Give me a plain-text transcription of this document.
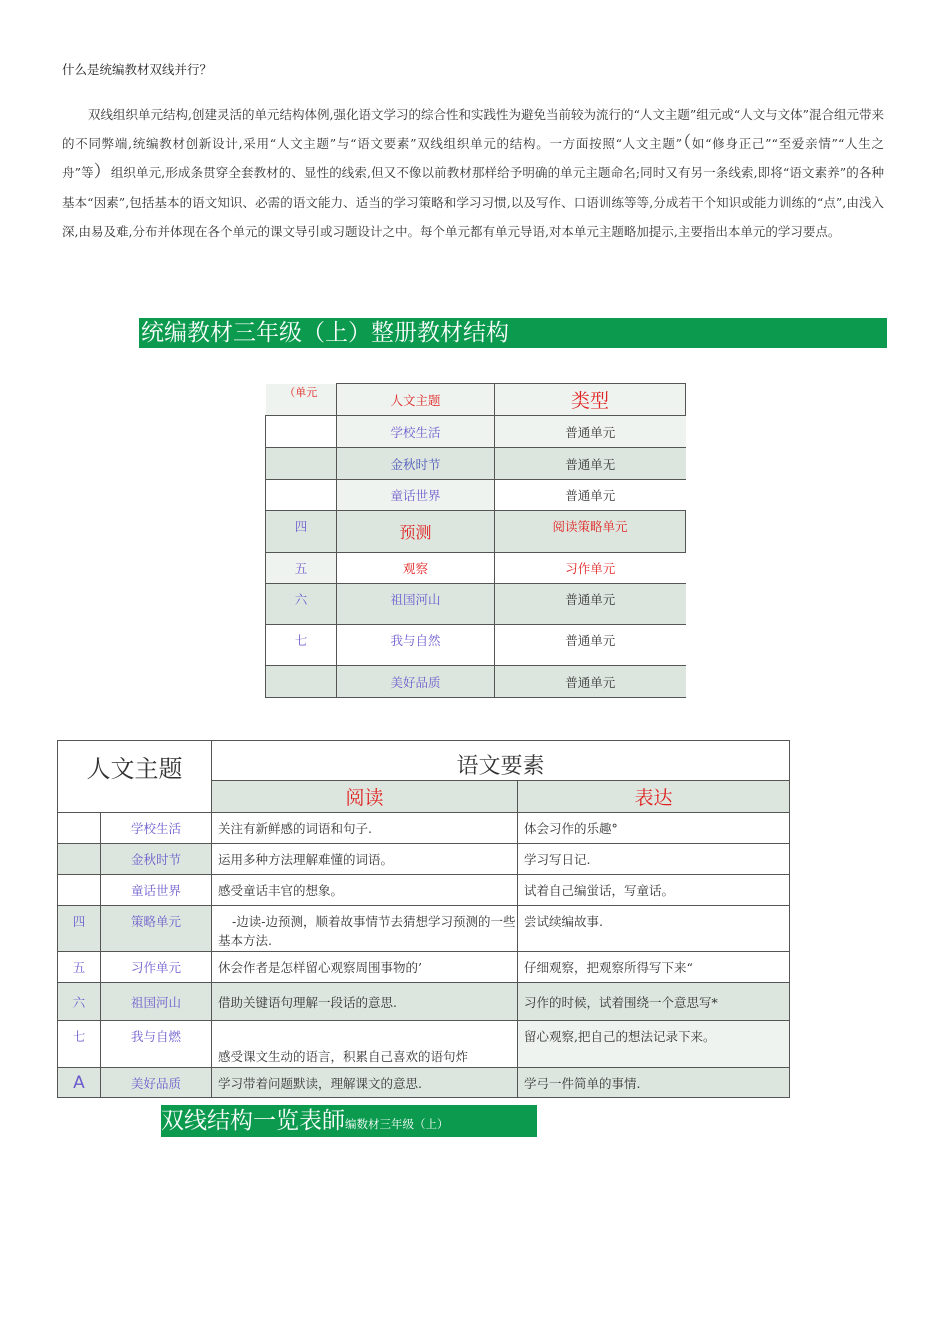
什么是统编教材双线并行？

双线组织单元结构,创建灵活的单元结构体例,强化语文学习的综合性和实践性为避免当前较为流行的“人文主题”组元或“人文与文体”混合组元带来的不同弊端,统编教材创新设计,采用“人文主题”与“语文要素”双线组织单元的结构。一方面按照“人文主题”（如“修身正己”“至爱亲情”“人生之舟”等）组织单元,形成条贯穿全套教材的、显性的线索,但又不像以前教材那样给予明确的单元主题命名;同时又有另一条线索,即将“语文素养”的各种基本“因素”,包括基本的语文知识、必需的语文能力、适当的学习策略和学习习惯,以及写作、口语训练等等,分成若干个知识或能力训练的“点”,由浅入深,由易及难,分布并体现在各个单元的课文导引或习题设计之中。每个单元都有单元导语,对本单元主题略加提示,主要指出本单元的学习要点。

统编教材三年级（上）整册教材结构
（单元	人文主题	类型
	学校生活	普通单元
	金秋时节	普通单无
	童话世界	普通单元
四	预测	阅读策略单元
五	观察	习作单元
六	祖国河山	普通单元
七	我与自然	普通单元
	美好品质	普通单元
人文主题		语文要素	
		阅读	表达
	学校生活	关注有新鲜感的词语和句子.	体会习作的乐趣°
	金秋时节	运用多种方法理解难懂的词语。	学习写日记.
	童话世界	感受童话丰官的想象。	试着自己编蛍话，写童话。
四	策略单元	-边读-边预测，顺着故事情节去猜想学习预测的一些基本方法.	尝试续编故事.
五	习作单元	休会作者是怎样留心观察周围事物的’	仔细观察，把观察所得写下来“
六	祖国河山	借助关键语句理解一段话的意思.	习作的时候，试着围绕一个意思写*
七	我与自燃	感受课文生动的语言，积累自己喜欢的语句炸	留心观察,把自己的想法记录下来。
A	美好品质	学习带着问题默读，理解课文的意思.	学弓一件简单的事情.
双线结构一览表師编数材三年级（上）
